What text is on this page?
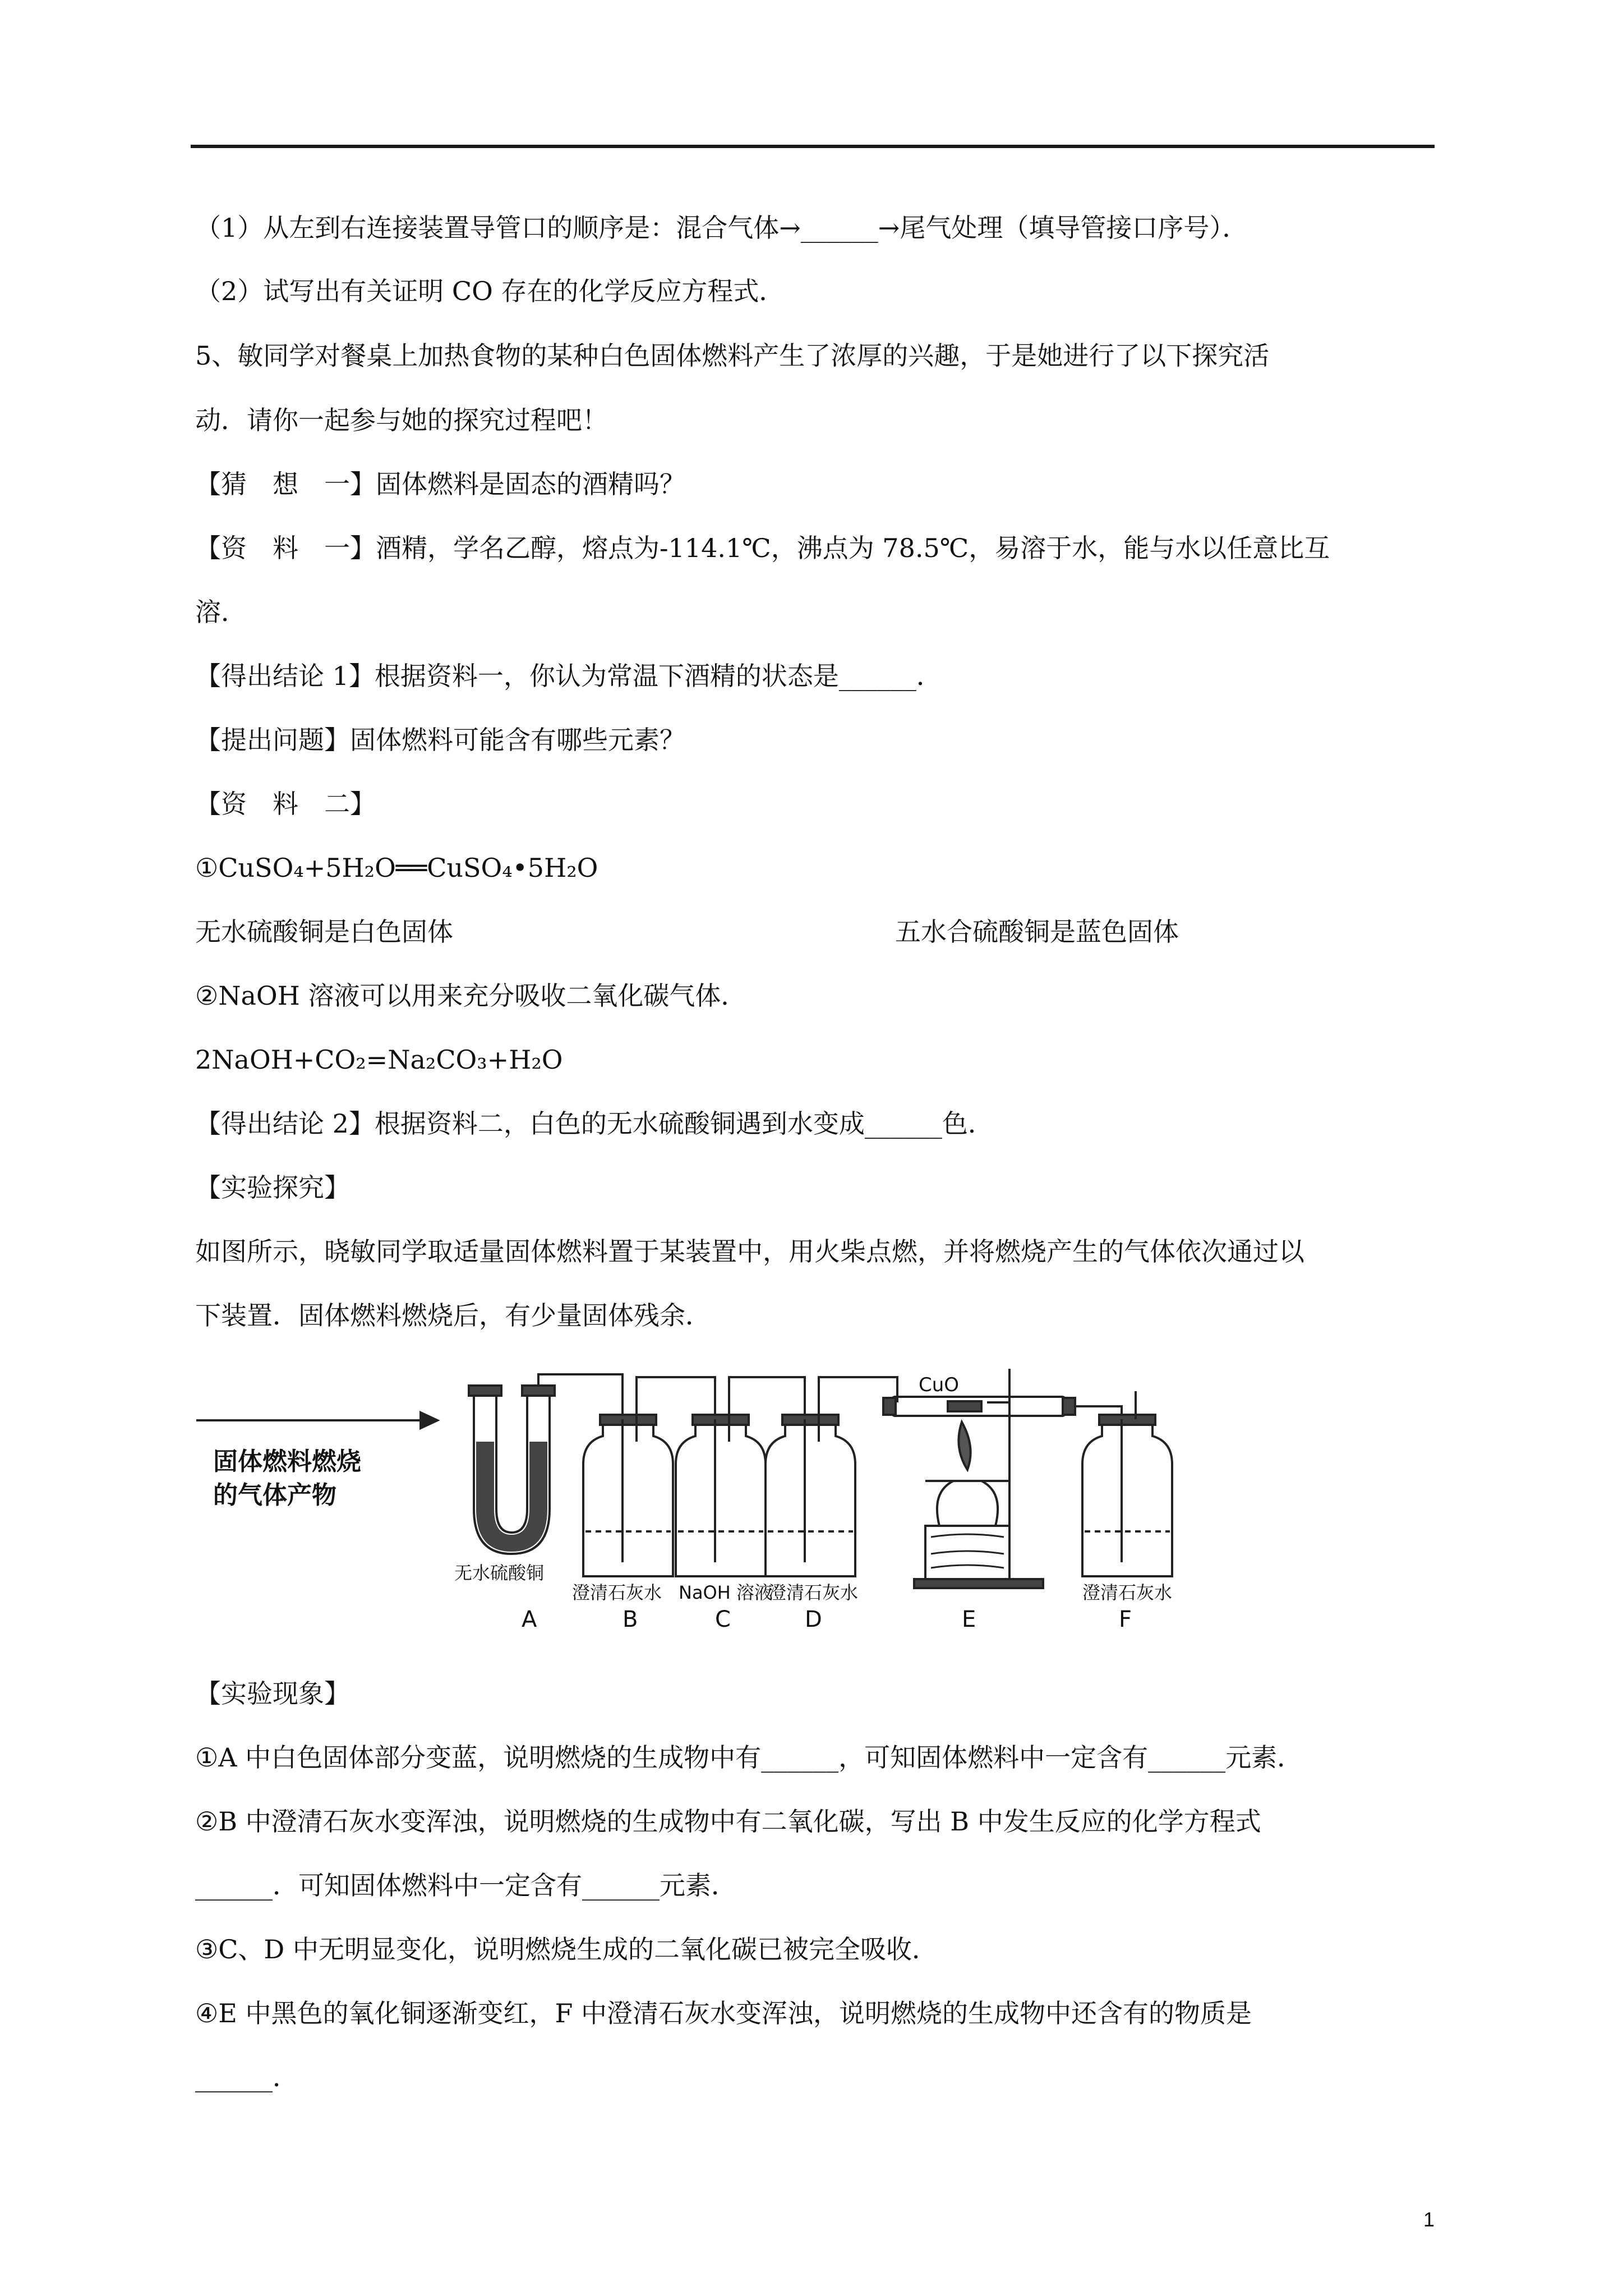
（1）从左到右连接装置导管口的顺序是：混合气体→______→尾气处理（填导管接口序号）．
（2）试写出有关证明 CO 存在的化学反应方程式．
5、敏同学对餐桌上加热食物的某种白色固体燃料产生了浓厚的兴趣，于是她进行了以下探究活
动．请你一起参与她的探究过程吧！
【猜　想　一】固体燃料是固态的酒精吗？
【资　料　一】酒精，学名乙醇，熔点为-114.1℃，沸点为 78.5℃，易溶于水，能与水以任意比互
溶．
【得出结论 1】根据资料一，你认为常温下酒精的状态是______．
【提出问题】固体燃料可能含有哪些元素？
【资　料　二】
①CuSO₄+5H₂O══CuSO₄•5H₂O
无水硫酸铜是白色固体	五水合硫酸铜是蓝色固体
②NaOH 溶液可以用来充分吸收二氧化碳气体．
2NaOH+CO₂=Na₂CO₃+H₂O
【得出结论 2】根据资料二，白色的无水硫酸铜遇到水变成______色．
【实验探究】
如图所示，晓敏同学取适量固体燃料置于某装置中，用火柴点燃，并将燃烧产生的气体依次通过以
下装置．固体燃料燃烧后，有少量固体残余．
固体燃料燃烧
的气体产物
CuO
无水硫酸铜
澄清石灰水 NaOH 溶液
澄清石灰水	澄清石灰水
A	B	C	D	E	F
【实验现象】
①A 中白色固体部分变蓝，说明燃烧的生成物中有______，可知固体燃料中一定含有______元素．
②B 中澄清石灰水变浑浊，说明燃烧的生成物中有二氧化碳，写出 B 中发生反应的化学方程式
______．可知固体燃料中一定含有______元素．
③C、D 中无明显变化，说明燃烧生成的二氧化碳已被完全吸收．
④E 中黑色的氧化铜逐渐变红，F 中澄清石灰水变浑浊，说明燃烧的生成物中还含有的物质是
______．
1
